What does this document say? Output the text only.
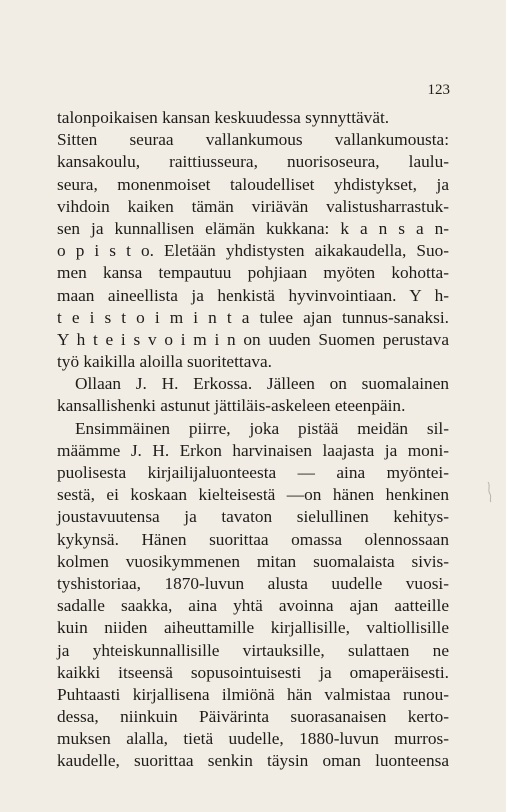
123
talonpoikaisen kansan keskuudessa synnyttävät.
Sitten seuraa vallankumous vallankumousta:
kansakoulu, raittiusseura, nuorisoseura, laulu-
seura, monenmoiset taloudelliset yhdistykset, ja
vihdoin kaiken tämän viriävän valistusharrastuk-
sen ja kunnallisen elämän kukkana: k a n s a n-
o p i s t o. Eletään yhdistysten aikakaudella, Suo-
men kansa tempautuu pohjiaan myöten kohotta-
maan aineellista ja henkistä hyvinvointiaan. Y h-
t e i s t o i m i n t a tulee ajan tunnus-sanaksi.
Y h t e i s v o i m i n on uuden Suomen perustava
työ kaikilla aloilla suoritettava.
Ollaan J. H. Erkossa. Jälleen on suomalainen
kansallishenki astunut jättiläis-askeleen eteenpäin.
Ensimmäinen piirre, joka pistää meidän sil-
määmme J. H. Erkon harvinaisen laajasta ja moni-
puolisesta kirjailijaluonteesta — aina myöntei-
sestä, ei koskaan kielteisestä —on hänen henkinen
joustavuutensa ja tavaton sielullinen kehitys-
kykynsä. Hänen suorittaa omassa olennossaan
kolmen vuosikymmenen mitan suomalaista sivis-
tyshistoriaa, 1870-luvun alusta uudelle vuosi-
sadalle saakka, aina yhtä avoinna ajan aatteille
kuin niiden aiheuttamille kirjallisille, valtiollisille
ja yhteiskunnallisille virtauksille, sulattaen ne
kaikki itseensä sopusointuisesti ja omaperäisesti.
Puhtaasti kirjallisena ilmiönä hän valmistaa runou-
dessa, niinkuin Päivärinta suorasanaisen kerto-
muksen alalla, tietä uudelle, 1880-luvun murros-
kaudelle, suorittaa senkin täysin oman luonteensa
